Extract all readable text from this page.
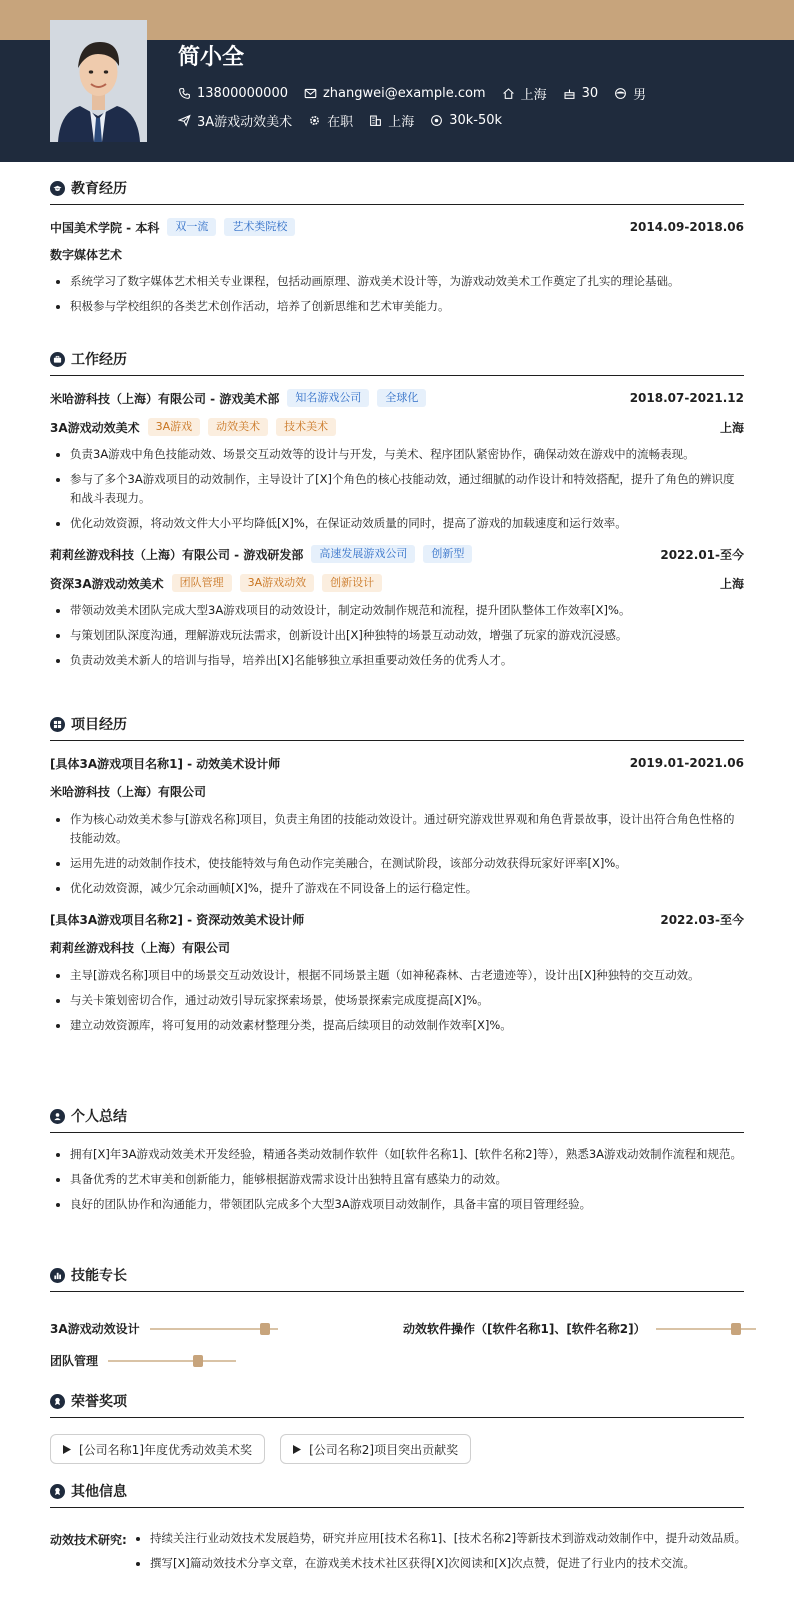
简小全
13800000000	zhangwei@example.com	上海	30	男
3A游戏动效美术	在职	上海	30k-50k
教育经历
中国美术学院 - 本科	双一流	艺术类院校	2014.09-2018.06
数字媒体艺术
• 系统学习了数字媒体艺术相关专业课程，包括动画原理、游戏美术设计等，为游戏动效美术工作奠定了扎实的理论基础。
• 积极参与学校组织的各类艺术创作活动，培养了创新思维和艺术审美能力。
工作经历
米哈游科技（上海）有限公司 - 游戏美术部	知名游戏公司	全球化	2018.07-2021.12
3A游戏动效美术	3A游戏	动效美术	技术美术	上海
• 负责3A游戏中角色技能动效、场景交互动效等的设计与开发，与美术、程序团队紧密协作，确保动效在游戏中的流畅表现。
• 参与了多个3A游戏项目的动效制作，主导设计了[X]个角色的核心技能动效，通过细腻的动作设计和特效搭配，提升了角色的辨识度和战斗表现力。
• 优化动效资源，将动效文件大小平均降低[X]%，在保证动效质量的同时，提高了游戏的加载速度和运行效率。
莉莉丝游戏科技（上海）有限公司 - 游戏研发部	高速发展游戏公司	创新型	2022.01-至今
资深3A游戏动效美术	团队管理	3A游戏动效	创新设计	上海
• 带领动效美术团队完成大型3A游戏项目的动效设计，制定动效制作规范和流程，提升团队整体工作效率[X]%。
• 与策划团队深度沟通，理解游戏玩法需求，创新设计出[X]种独特的场景互动动效，增强了玩家的游戏沉浸感。
• 负责动效美术新人的培训与指导，培养出[X]名能够独立承担重要动效任务的优秀人才。
项目经历
[具体3A游戏项目名称1] - 动效美术设计师	2019.01-2021.06
米哈游科技（上海）有限公司
• 作为核心动效美术参与[游戏名称]项目，负责主角团的技能动效设计。通过研究游戏世界观和角色背景故事，设计出符合角色性格的技能动效。
• 运用先进的动效制作技术，使技能特效与角色动作完美融合，在测试阶段，该部分动效获得玩家好评率[X]%。
• 优化动效资源，减少冗余动画帧[X]%，提升了游戏在不同设备上的运行稳定性。
[具体3A游戏项目名称2] - 资深动效美术设计师	2022.03-至今
莉莉丝游戏科技（上海）有限公司
• 主导[游戏名称]项目中的场景交互动效设计，根据不同场景主题（如神秘森林、古老遗迹等），设计出[X]种独特的交互动效。
• 与关卡策划密切合作，通过动效引导玩家探索场景，使场景探索完成度提高[X]%。
• 建立动效资源库，将可复用的动效素材整理分类，提高后续项目的动效制作效率[X]%。
个人总结
• 拥有[X]年3A游戏动效美术开发经验，精通各类动效制作软件（如[软件名称1]、[软件名称2]等），熟悉3A游戏动效制作流程和规范。
• 具备优秀的艺术审美和创新能力，能够根据游戏需求设计出独特且富有感染力的动效。
• 良好的团队协作和沟通能力，带领团队完成多个大型3A游戏项目动效制作，具备丰富的项目管理经验。
技能专长
3A游戏动效设计	动效软件操作（[软件名称1]、[软件名称2]）
团队管理
荣誉奖项
[公司名称1]年度优秀动效美术奖
	[公司名称2]项目突出贡献奖
其他信息
动效技术研究:
• 持续关注行业动效技术发展趋势，研究并应用[技术名称1]、[技术名称2]等新技术到游戏动效制作中，提升动效品质。
• 撰写[X]篇动效技术分享文章，在游戏美术技术社区获得[X]次阅读和[X]次点赞，促进了行业内的技术交流。
